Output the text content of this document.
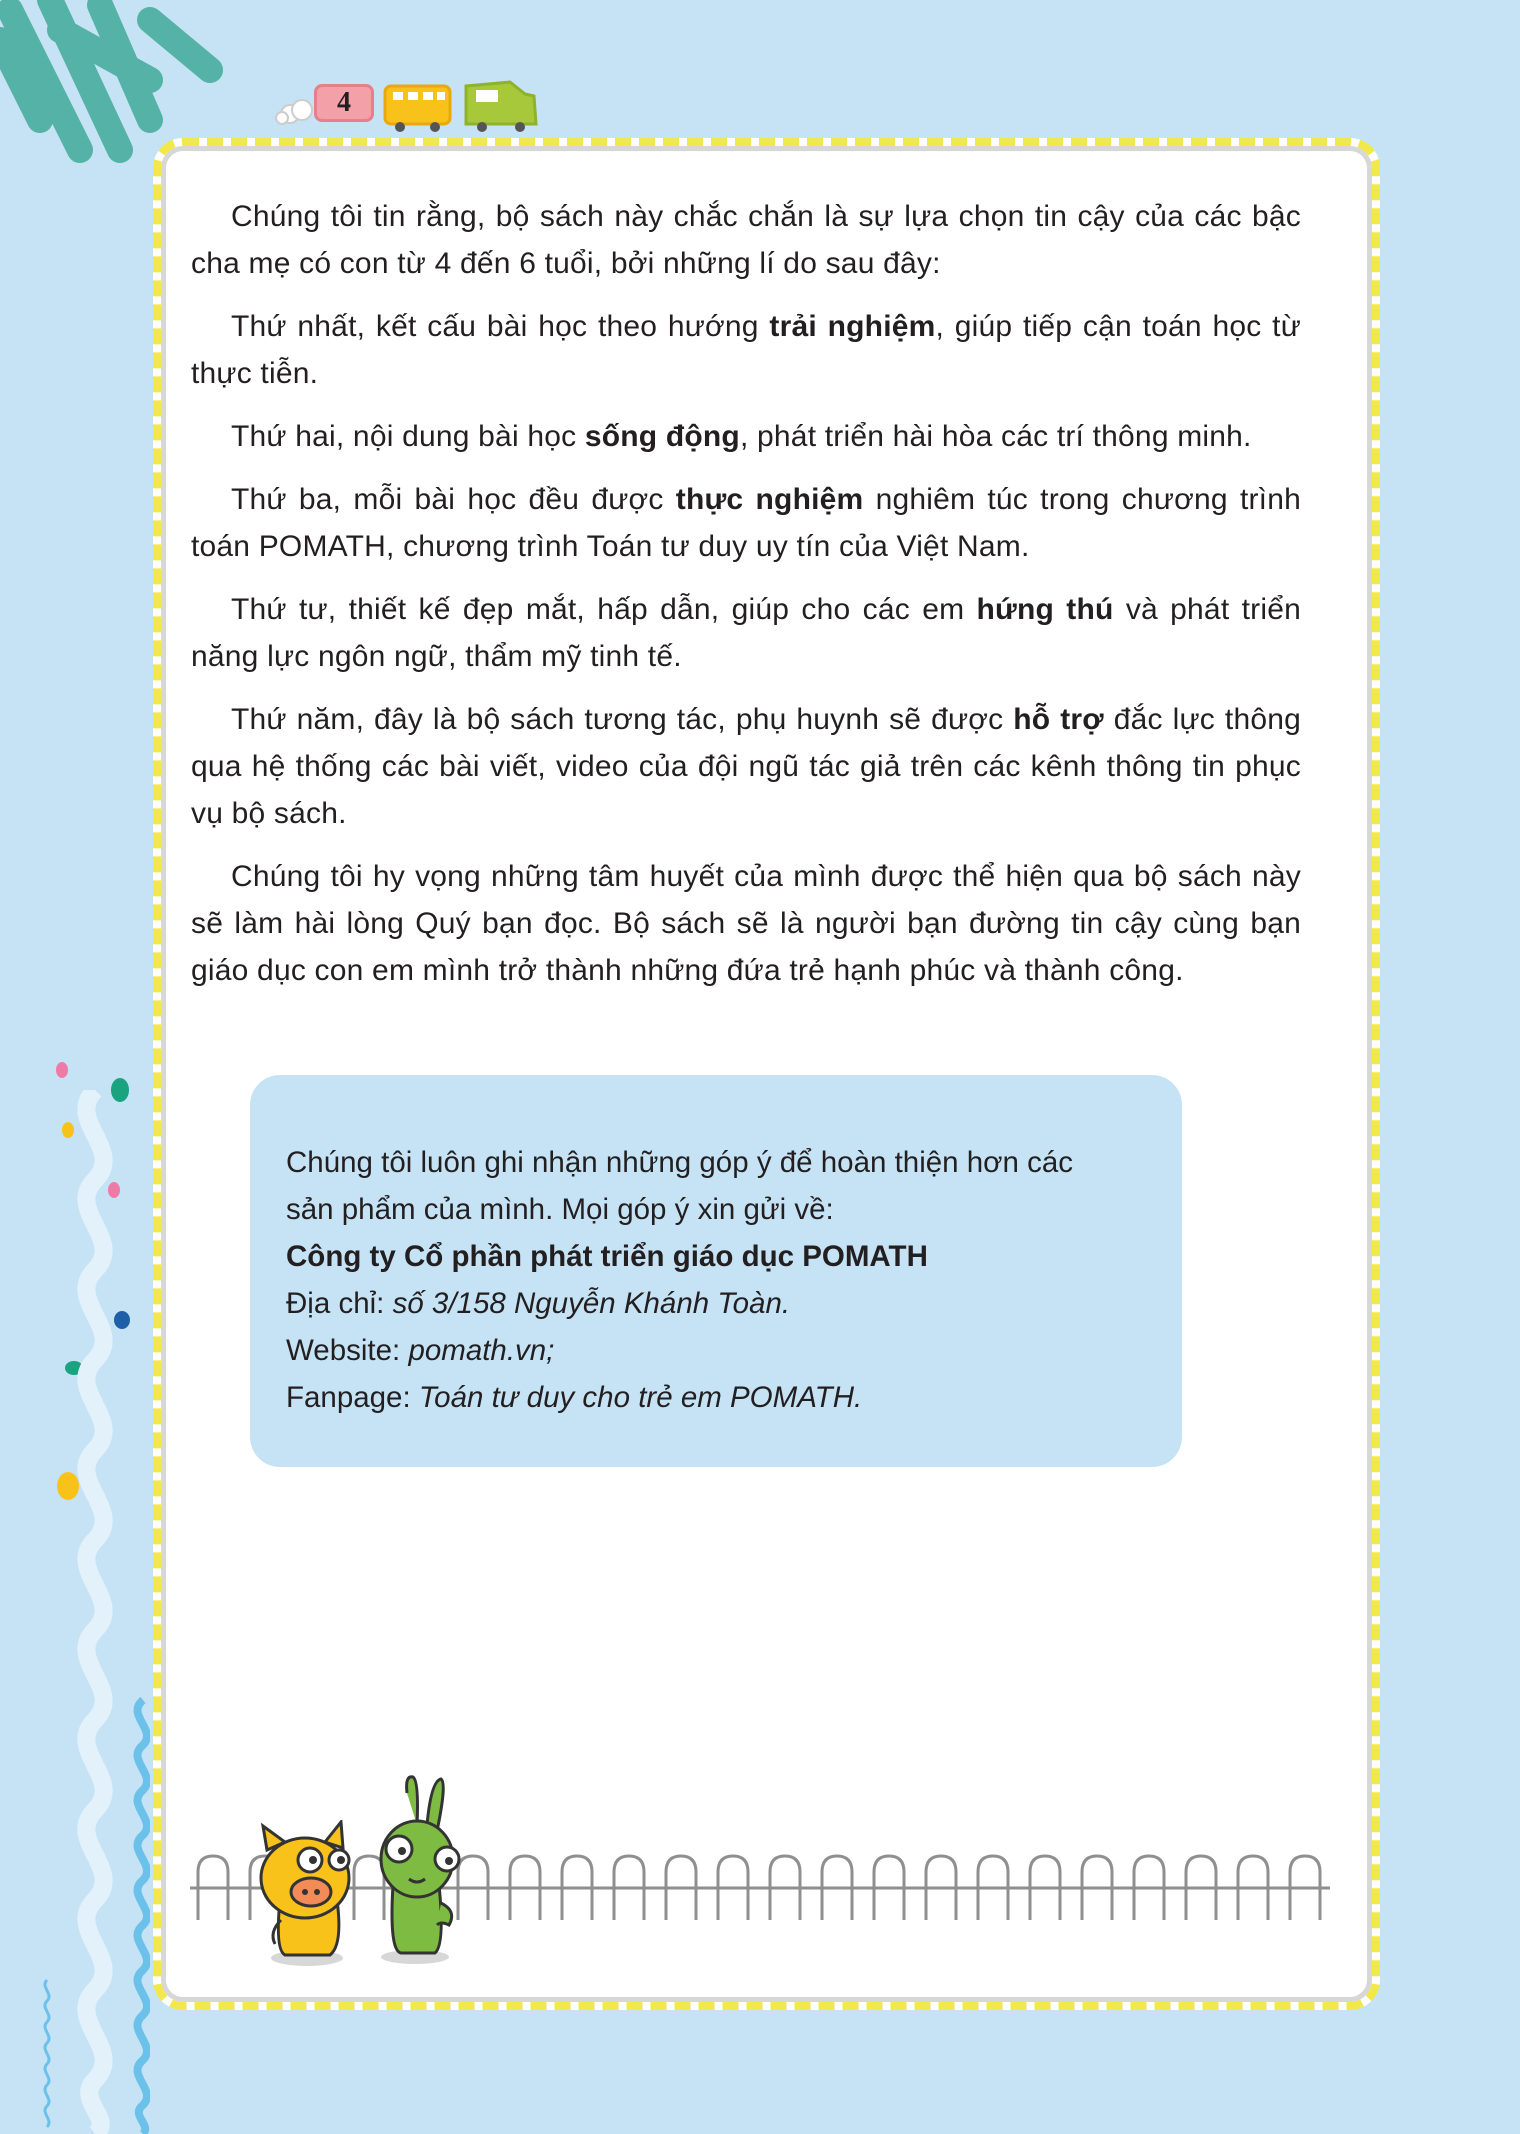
4

Chúng tôi tin rằng, bộ sách này chắc chắn là sự lựa chọn tin cậy của các bậc cha mẹ có con từ 4 đến 6 tuổi, bởi những lí do sau đây:

Thứ nhất, kết cấu bài học theo hướng trải nghiệm, giúp tiếp cận toán học từ thực tiễn.

Thứ hai, nội dung bài học sống động, phát triển hài hòa các trí thông minh.

Thứ ba, mỗi bài học đều được thực nghiệm nghiêm túc trong chương trình toán POMATH, chương trình Toán tư duy uy tín của Việt Nam.

Thứ tư, thiết kế đẹp mắt, hấp dẫn, giúp cho các em hứng thú và phát triển năng lực ngôn ngữ, thẩm mỹ tinh tế.

Thứ năm, đây là bộ sách tương tác, phụ huynh sẽ được hỗ trợ đắc lực thông qua hệ thống các bài viết, video của đội ngũ tác giả trên các kênh thông tin phục vụ bộ sách.

Chúng tôi hy vọng những tâm huyết của mình được thể hiện qua bộ sách này sẽ làm hài lòng Quý bạn đọc. Bộ sách sẽ là người bạn đường tin cậy cùng bạn giáo dục con em mình trở thành những đứa trẻ hạnh phúc và thành công.

Chúng tôi luôn ghi nhận những góp ý để hoàn thiện hơn các
sản phẩm của mình. Mọi góp ý xin gửi về:
Công ty Cổ phần phát triển giáo dục POMATH
Địa chỉ: số 3/158 Nguyễn Khánh Toàn.
Website: pomath.vn;
Fanpage: Toán tư duy cho trẻ em POMATH.
